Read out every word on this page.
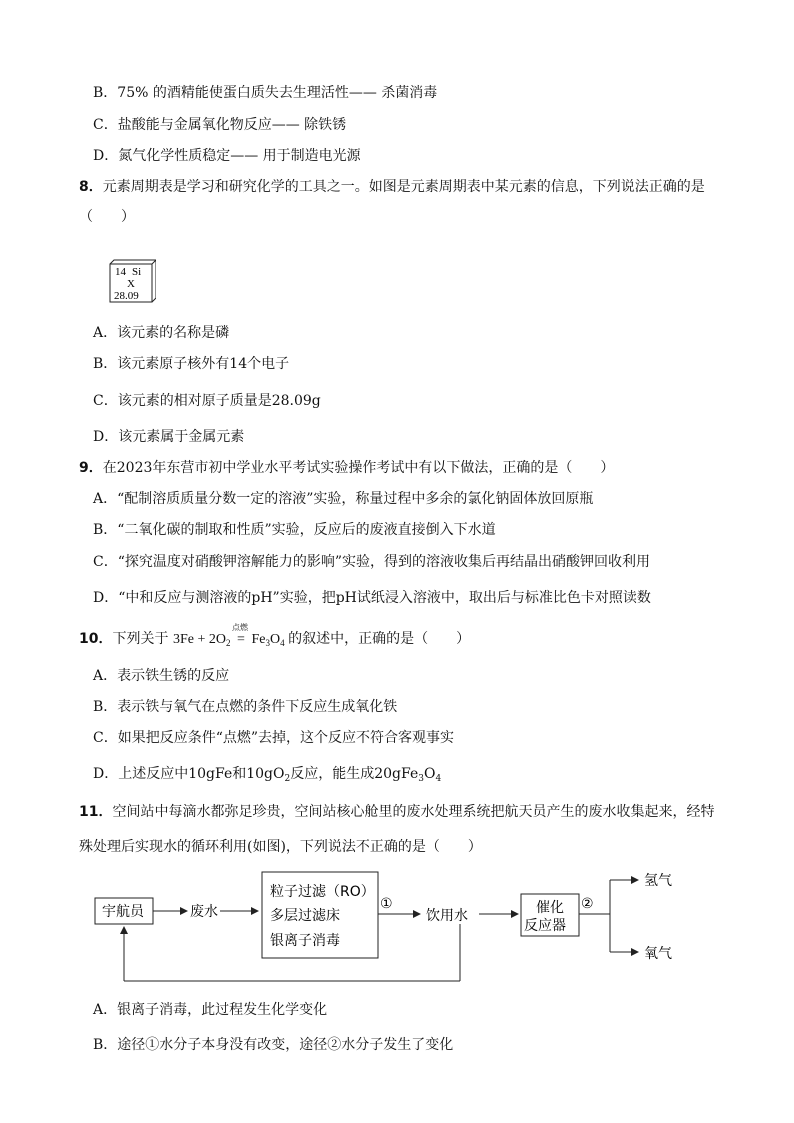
B．75% 的酒精能使蛋白质失去生理活性—— 杀菌消毒
C．盐酸能与金属氧化物反应—— 除铁锈
D．氮气化学性质稳定—— 用于制造电光源
8．元素周期表是学习和研究化学的工具之一。如图是元素周期表中某元素的信息，下列说法正确的是
（　　）
14 Si
X
28.09
A．该元素的名称是磷
B．该元素原子核外有14个电子
C．该元素的相对原子质量是28.09g
D．该元素属于金属元素
9．在2023年东营市初中学业水平考试实验操作考试中有以下做法，正确的是（　　）
A．“配制溶质质量分数一定的溶液”实验，称量过程中多余的氯化钠固体放回原瓶
B．“二氧化碳的制取和性质”实验，反应后的废液直接倒入下水道
C．“探究温度对硝酸钾溶解能力的影响”实验，得到的溶液收集后再结晶出硝酸钾回收利用
D．“中和反应与测溶液的pH”实验，把pH试纸浸入溶液中，取出后与标准比色卡对照读数
10．下列关于 $3Fe + 2O_2$
点燃
= $Fe_3O_4$ 的叙述中，正确的是（　　）
A．表示铁生锈的反应
B．表示铁与氧气在点燃的条件下反应生成氧化铁
C．如果把反应条件“点燃”去掉，这个反应不符合客观事实
D．上述反应中10gFe和$10gO_2$反应，能生成$20gFe_3O_4$
11．空间站中每滴水都弥足珍贵，空间站核心舱里的废水处理系统把航天员产生的废水收集起来，经特
殊处理后实现水的循环利用(如图)，下列说法不正确的是（　　）
宇航员	废水
粒子过滤（RO）
多层过滤床
银离子消毒
①
饮用水	催化
反应器
②
氢气
氧气
A．银离子消毒，此过程发生化学变化
B．途径①水分子本身没有改变，途径②水分子发生了变化
